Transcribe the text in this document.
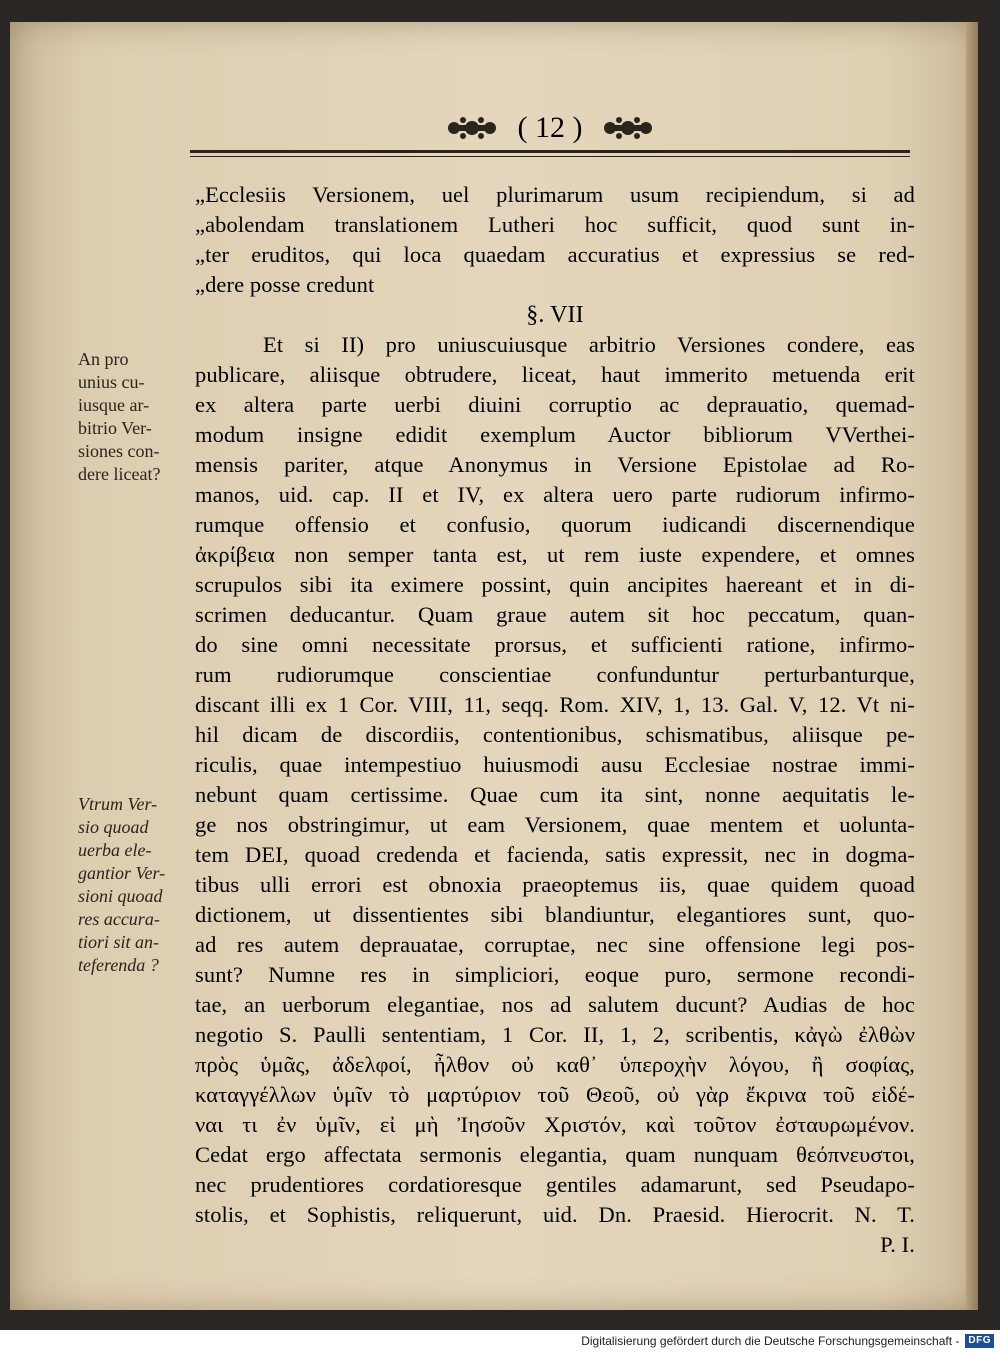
( 12 )
An pro
unius cu-
iusque ar-
bitrio Ver-
siones con-
dere liceat?
Vtrum Ver-
sio quoad
uerba ele-
gantior Ver-
sioni quoad
res accura-
tiori sit an-
teferenda ?
„Ecclesiis Versionem, uel plurimarum usum recipiendum, si ad
„abolendam translationem Lutheri hoc sufficit, quod sunt in-
„ter eruditos, qui loca quaedam accuratius et expressius se red-
„dere posse credunt
§. VII
Et si II) pro uniuscuiusque arbitrio Versiones condere, eas
publicare, aliisque obtrudere, liceat, haut immerito metuenda erit
ex altera parte uerbi diuini corruptio ac deprauatio, quemad-
modum insigne edidit exemplum Auctor bibliorum VVerthei-
mensis pariter, atque Anonymus in Versione Epistolae ad Ro-
manos, uid. cap. II et IV, ex altera uero parte rudiorum infirmo-
rumque offensio et confusio, quorum iudicandi discernendique
ἀκρίβεια non semper tanta est, ut rem iuste expendere, et omnes
scrupulos sibi ita eximere possint, quin ancipites haereant et in di-
scrimen deducantur. Quam graue autem sit hoc peccatum, quan-
do sine omni necessitate prorsus, et sufficienti ratione, infirmo-
rum rudiorumque conscientiae confunduntur perturbanturque,
discant illi ex 1 Cor. VIII, 11, seqq. Rom. XIV, 1, 13. Gal. V, 12. Vt ni-
hil dicam de discordiis, contentionibus, schismatibus, aliisque pe-
riculis, quae intempestiuo huiusmodi ausu Ecclesiae nostrae immi-
nebunt quam certissime. Quae cum ita sint, nonne aequitatis le-
ge nos obstringimur, ut eam Versionem, quae mentem et uolunta-
tem DEI, quoad credenda et facienda, satis expressit, nec in dogma-
tibus ulli errori est obnoxia praeoptemus iis, quae quidem quoad
dictionem, ut dissentientes sibi blandiuntur, elegantiores sunt, quo-
ad res autem deprauatae, corruptae, nec sine offensione legi pos-
sunt? Numne res in simpliciori, eoque puro, sermone recondi-
tae, an uerborum elegantiae, nos ad salutem ducunt? Audias de hoc
negotio S. Paulli sententiam, 1 Cor. II, 1, 2, scribentis, κἀγὼ ἐλθὼν
πρὸς ὑμᾶς, ἀδελφοί, ἦλθον οὐ καθ᾽ ὑπεροχὴν λόγου, ἢ σοφίας,
καταγγέλλων ὑμῖν τὸ μαρτύριον τοῦ Θεοῦ, οὐ γὰρ ἔκρινα τοῦ εἰδέ-
ναι τι ἐν ὑμῖν, εἰ μὴ Ἰησοῦν Χριστόν, καὶ τοῦτον ἐσταυρωμένον.
Cedat ergo affectata sermonis elegantia, quam nunquam θεόπνευστοι,
nec prudentiores cordatioresque gentiles adamarunt, sed Pseudapo-
stolis, et Sophistis, reliquerunt, uid. Dn. Praesid. Hierocrit. N. T.
P. I.
Digitalisierung gefördert durch die Deutsche Forschungsgemeinschaft - DFG
